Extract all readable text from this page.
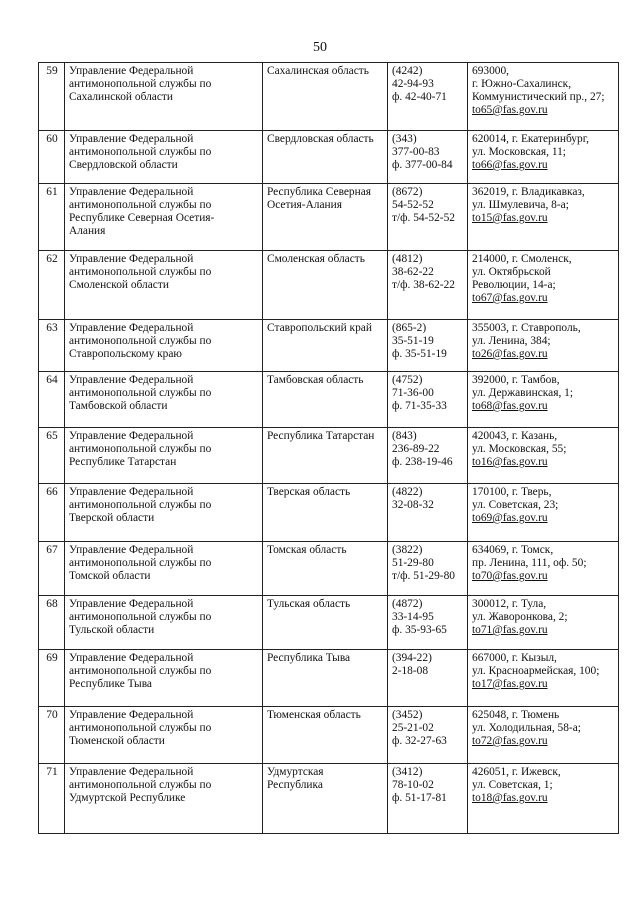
50
59	Управление Федеральной
антимонопольной службы по
Сахалинской области	Сахалинская область	(4242)
42-94-93
ф. 42-40-71	693000,
г. Южно-Сахалинск,
Коммунистический пр., 27;
to65@fas.gov.ru

60	Управление Федеральной
антимонопольной службы по
Свердловской области	Свердловская область	(343)
377-00-83
ф. 377-00-84	620014, г. Екатеринбург,
ул. Московская, 11;
to66@fas.gov.ru

61	Управление Федеральной
антимонопольной службы по
Республике Северная Осетия-
Алания	Республика Северная
Осетия-Алания	(8672)
54-52-52
т/ф. 54-52-52	362019, г. Владикавказ,
ул. Шмулевича, 8-а;
to15@fas.gov.ru

62	Управление Федеральной
антимонопольной службы по
Смоленской области	Смоленская область	(4812)
38-62-22
т/ф. 38-62-22	214000, г. Смоленск,
ул. Октябрьской
Революции, 14-а;
to67@fas.gov.ru

63	Управление Федеральной
антимонопольной службы по
Ставропольскому краю	Ставропольский край	(865-2)
35-51-19
ф. 35-51-19	355003, г. Ставрополь,
ул. Ленина, 384;
to26@fas.gov.ru

64	Управление Федеральной
антимонопольной службы по
Тамбовской области	Тамбовская область	(4752)
71-36-00
ф. 71-35-33	392000, г. Тамбов,
ул. Державинская, 1;
to68@fas.gov.ru

65	Управление Федеральной
антимонопольной службы по
Республике Татарстан	Республика Татарстан	(843)
236-89-22
ф. 238-19-46	420043, г. Казань,
ул. Московская, 55;
to16@fas.gov.ru

66	Управление Федеральной
антимонопольной службы по
Тверской области	Тверская область	(4822)
32-08-32	170100, г. Тверь,
ул. Советская, 23;
to69@fas.gov.ru

67	Управление Федеральной
антимонопольной службы по
Томской области	Томская область	(3822)
51-29-80
т/ф. 51-29-80	634069, г. Томск,
пр. Ленина, 111, оф. 50;
to70@fas.gov.ru

68	Управление Федеральной
антимонопольной службы по
Тульской области	Тульская область	(4872)
33-14-95
ф. 35-93-65	300012, г. Тула,
ул. Жаворонкова, 2;
to71@fas.gov.ru

69	Управление Федеральной
антимонопольной службы по
Республике Тыва	Республика Тыва	(394-22)
2-18-08	667000, г. Кызыл,
ул. Красноармейская, 100;
to17@fas.gov.ru

70	Управление Федеральной
антимонопольной службы по
Тюменской области	Тюменская область	(3452)
25-21-02
ф. 32-27-63	625048, г. Тюмень
ул. Холодильная, 58-а;
to72@fas.gov.ru

71	Управление Федеральной
антимонопольной службы по
Удмуртской Республике	Удмуртская
Республика	(3412)
78-10-02
ф. 51-17-81	426051, г. Ижевск,
ул. Советская, 1;
to18@fas.gov.ru
